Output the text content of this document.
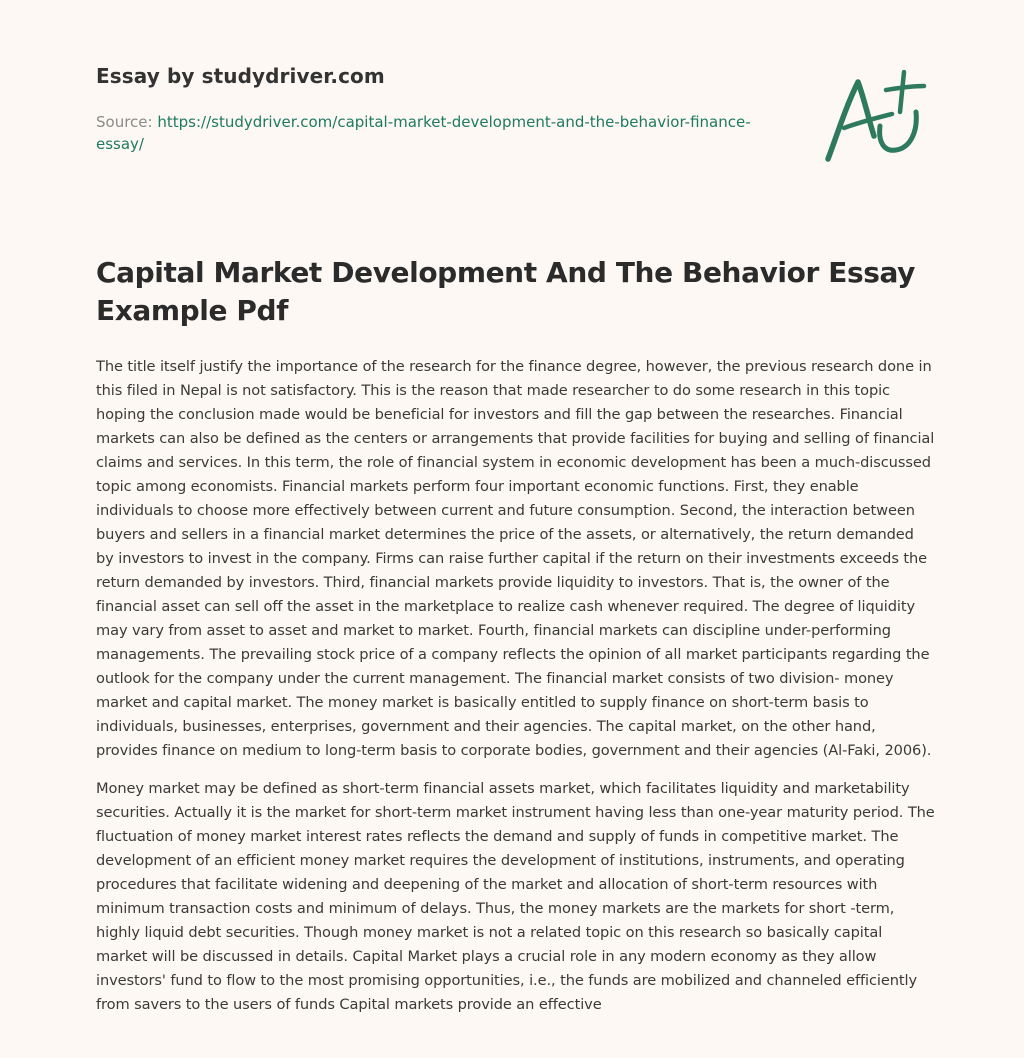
Essay by studydriver.com
Source: https://studydriver.com/capital-market-development-and-the-behavior-finance-essay/
Capital Market Development And The Behavior Essay Example Pdf

The title itself justify the importance of the research for the finance degree, however, the previous research done in this filed in Nepal is not satisfactory. This is the reason that made researcher to do some research in this topic hoping the conclusion made would be beneficial for investors and fill the gap between the researches. Financial markets can also be defined as the centers or arrangements that provide facilities for buying and selling of financial claims and services. In this term, the role of financial system in economic development has been a much-discussed topic among economists. Financial markets perform four important economic functions. First, they enable individuals to choose more effectively between current and future consumption. Second, the interaction between buyers and sellers in a financial market determines the price of the assets, or alternatively, the return demanded by investors to invest in the company. Firms can raise further capital if the return on their investments exceeds the return demanded by investors. Third, financial markets provide liquidity to investors. That is, the owner of the financial asset can sell off the asset in the marketplace to realize cash whenever required. The degree of liquidity may vary from asset to asset and market to market. Fourth, financial markets can discipline under-performing managements. The prevailing stock price of a company reflects the opinion of all market participants regarding the outlook for the company under the current management. The financial market consists of two division- money market and capital market. The money market is basically entitled to supply finance on short-term basis to individuals, businesses, enterprises, government and their agencies. The capital market, on the other hand, provides finance on medium to long-term basis to corporate bodies, government and their agencies (Al-Faki, 2006).

Money market may be defined as short-term financial assets market, which facilitates liquidity and marketability securities. Actually it is the market for short-term market instrument having less than one-year maturity period. The fluctuation of money market interest rates reflects the demand and supply of funds in competitive market. The development of an efficient money market requires the development of institutions, instruments, and operating procedures that facilitate widening and deepening of the market and allocation of short-term resources with minimum transaction costs and minimum of delays. Thus, the money markets are the markets for short -term, highly liquid debt securities. Though money market is not a related topic on this research so basically capital market will be discussed in details. Capital Market plays a crucial role in any modern economy as they allow investors' fund to flow to the most promising opportunities, i.e., the funds are mobilized and channeled efficiently from savers to the users of funds Capital markets provide an effective
